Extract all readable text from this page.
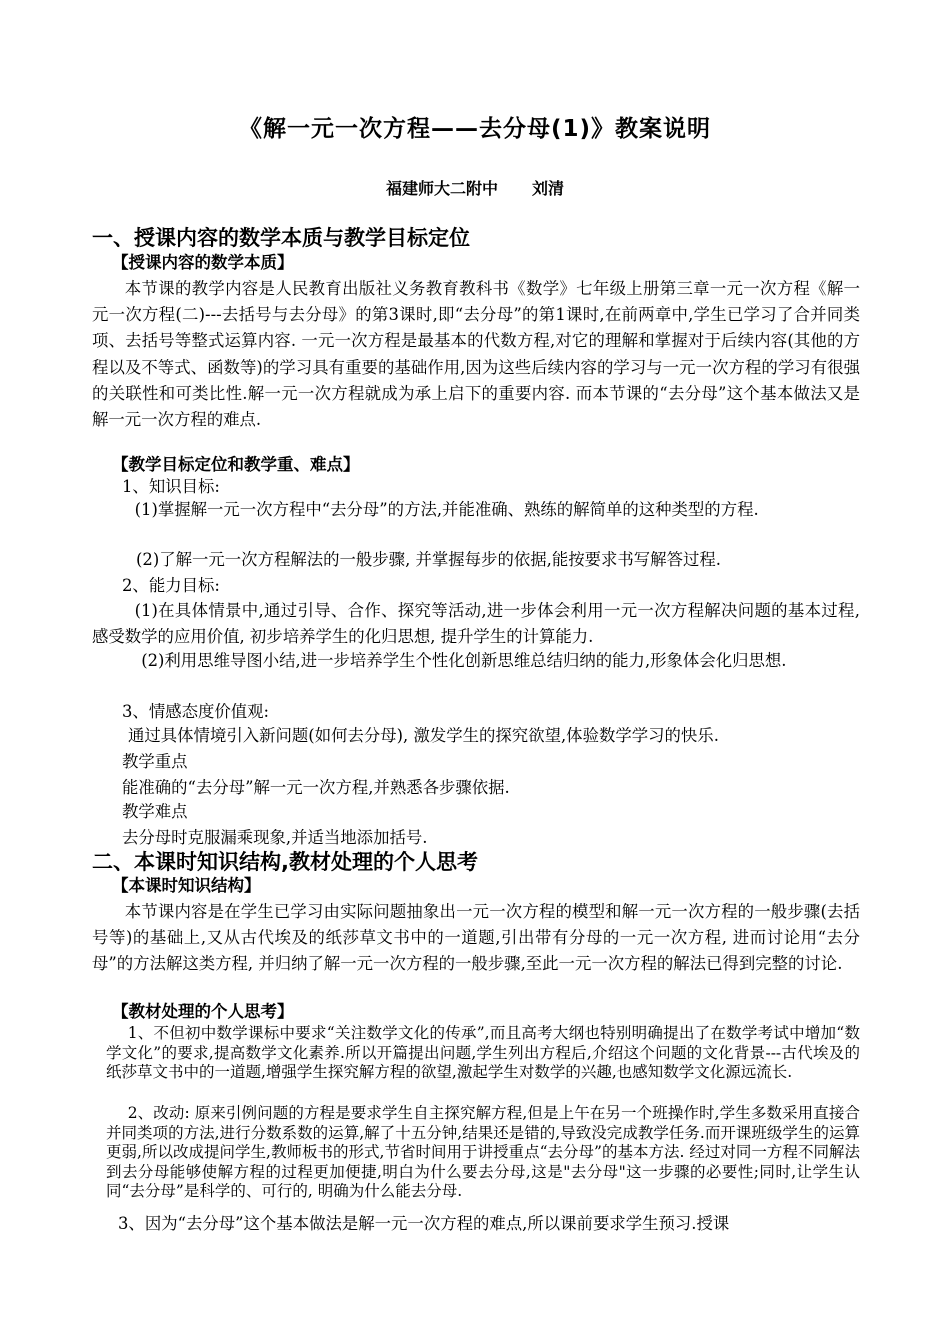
《解一元一次方程——去分母(1)》教案说明
福建师大二附中 刘清
一、授课内容的数学本质与教学目标定位
【授课内容的数学本质】
本节课的教学内容是人民教育出版社义务教育教科书《数学》七年级上册第三章一元一次方程《解一元一次方程(二)---去括号与去分母》的第3课时,即“去分母”的第1课时,在前两章中,学生已学习了合并同类项、去括号等整式运算内容. 一元一次方程是最基本的代数方程,对它的理解和掌握对于后续内容(其他的方程以及不等式、函数等)的学习具有重要的基础作用,因为这些后续内容的学习与一元一次方程的学习有很强的关联性和可类比性.解一元一次方程就成为承上启下的重要内容. 而本节课的“去分母”这个基本做法又是解一元一次方程的难点.
【教学目标定位和教学重、难点】
1、知识目标:
(1)掌握解一元一次方程中“去分母”的方法,并能准确、熟练的解简单的这种类型的方程.
(2)了解一元一次方程解法的一般步骤, 并掌握每步的依据,能按要求书写解答过程.
2、能力目标:
(1)在具体情景中,通过引导、合作、探究等活动,进一步体会利用一元一次方程解决问题的基本过程, 感受数学的应用价值, 初步培养学生的化归思想, 提升学生的计算能力.
(2)利用思维导图小结,进一步培养学生个性化创新思维总结归纳的能力,形象体会化归思想.
3、情感态度价值观:
通过具体情境引入新问题(如何去分母), 激发学生的探究欲望,体验数学学习的快乐.
教学重点
能准确的“去分母”解一元一次方程,并熟悉各步骤依据.
教学难点
去分母时克服漏乘现象,并适当地添加括号.
二、本课时知识结构,教材处理的个人思考
【本课时知识结构】
本节课内容是在学生已学习由实际问题抽象出一元一次方程的模型和解一元一次方程的一般步骤(去括号等)的基础上,又从古代埃及的纸莎草文书中的一道题,引出带有分母的一元一次方程, 进而讨论用“去分母”的方法解这类方程, 并归纳了解一元一次方程的一般步骤,至此一元一次方程的解法已得到完整的讨论.
【教材处理的个人思考】
1、不但初中数学课标中要求“关注数学文化的传承”,而且高考大纲也特别明确提出了在数学考试中增加“数学文化”的要求,提高数学文化素养.所以开篇提出问题,学生列出方程后,介绍这个问题的文化背景---古代埃及的纸莎草文书中的一道题,增强学生探究解方程的欲望,激起学生对数学的兴趣,也感知数学文化源远流长.
2、改动: 原来引例问题的方程是要求学生自主探究解方程,但是上午在另一个班操作时,学生多数采用直接合并同类项的方法,进行分数系数的运算,解了十五分钟,结果还是错的,导致没完成教学任务.而开课班级学生的运算更弱,所以改成提问学生,教师板书的形式,节省时间用于讲授重点“去分母”的基本方法. 经过对同一方程不同解法到去分母能够使解方程的过程更加便捷,明白为什么要去分母,这是"去分母"这一步骤的必要性;同时,让学生认同“去分母”是科学的、可行的, 明确为什么能去分母.
3、因为“去分母”这个基本做法是解一元一次方程的难点,所以课前要求学生预习.授课
